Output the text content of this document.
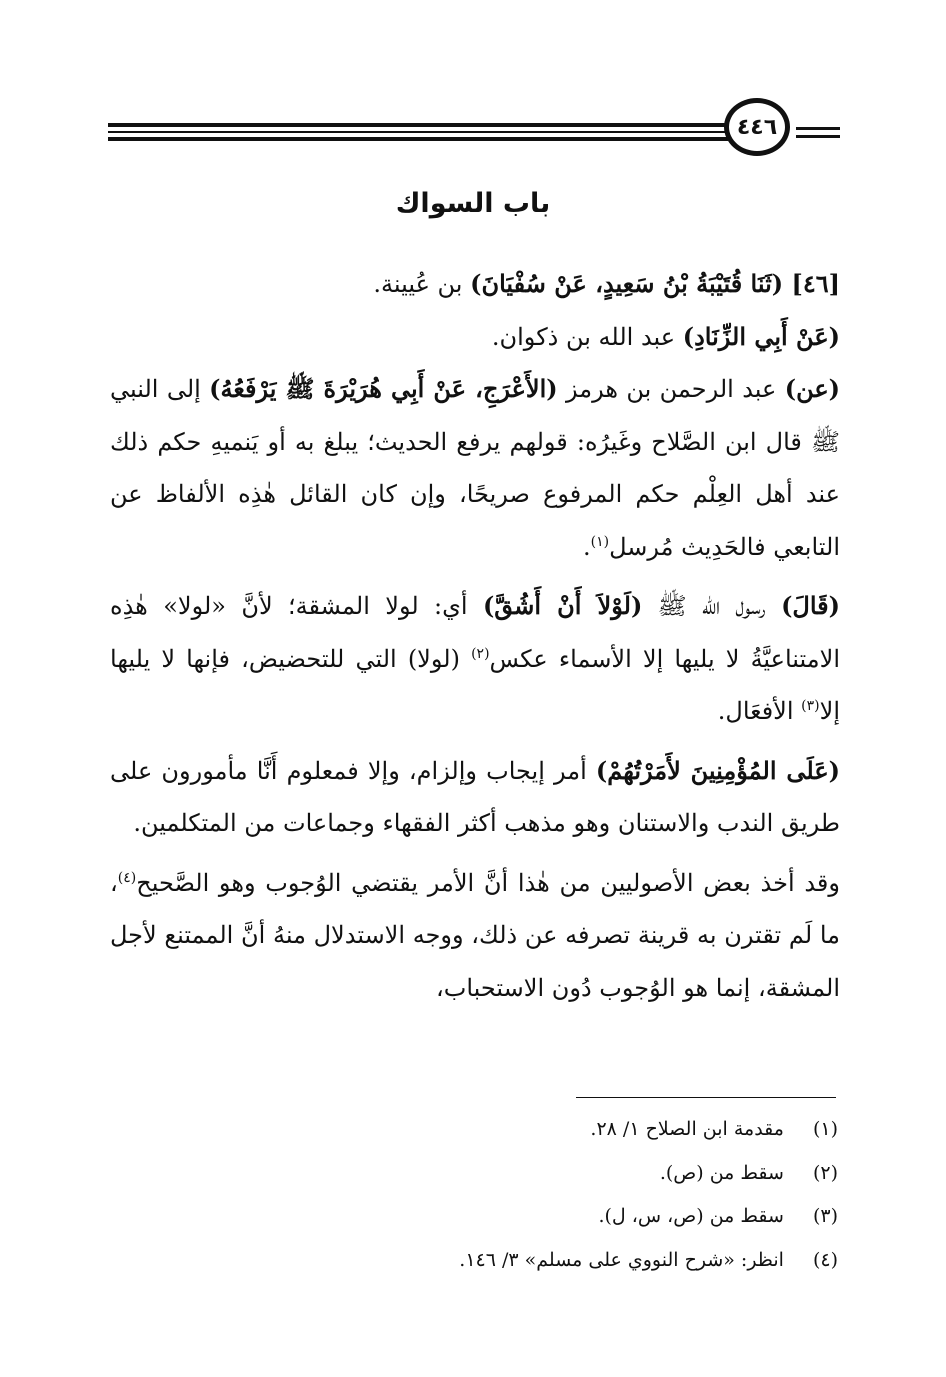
٤٤٦
باب السواك

[٤٦] (ثَنَا قُتَيْبَةُ بْنُ سَعِيدٍ، عَنْ سُفْيَانَ) بن عُيينة.

(عَنْ أَبِي الزِّنَادِ) عبد الله بن ذكوان.

(عن) عبد الرحمن بن هرمز (الأَعْرَجِ، عَنْ أَبِي هُرَيْرَةَ ﷺ يَرْفَعُهُ) إلى النبي ﷺ قال ابن الصَّلاح وغَيرُه: قولهم يرفع الحديث؛ يبلغ به أو يَنميهِ حكم ذلك عند أهل العِلْم حكم المرفوع صريحًا، وإن كان القائل هٰذِه الألفاظ عن التابعي فالحَدِيث مُرسل$^{(١)}$.

(قَالَ) رسول الله ﷺ (لَوْلاَ أَنْ أَشُقَّ) أي: لولا المشقة؛ لأنَّ «لولا» هٰذِه الامتناعيَّةُ لا يليها إلا الأسماء عكس$^{(٢)}$ (لولا) التي للتحضيض، فإنها لا يليها إلا$^{(٣)}$ الأفعَال.

(عَلَى المُؤْمِنِينَ لأَمَرْتُهُمْ) أمر إيجاب وإلزام، وإلا فمعلوم أَنَّا مأمورون على طريق الندب والاستنان وهو مذهب أكثر الفقهاء وجماعات من المتكلمين.

وقد أخذ بعض الأصوليين من هٰذا أنَّ الأمر يقتضي الوُجوب وهو الصَّحيح$^{(٤)}$، ما لَم تقترن به قرينة تصرفه عن ذلك، ووجه الاستدلال منهُ أنَّ الممتنع لأجل المشقة، إنما هو الوُجوب دُون الاستحباب،

(١) مقدمة ابن الصلاح ١/ ٢٨.
(٢) سقط من (ص).
(٣) سقط من (ص، س، ل).
(٤) انظر: «شرح النووي على مسلم» ٣/ ١٤٦.
